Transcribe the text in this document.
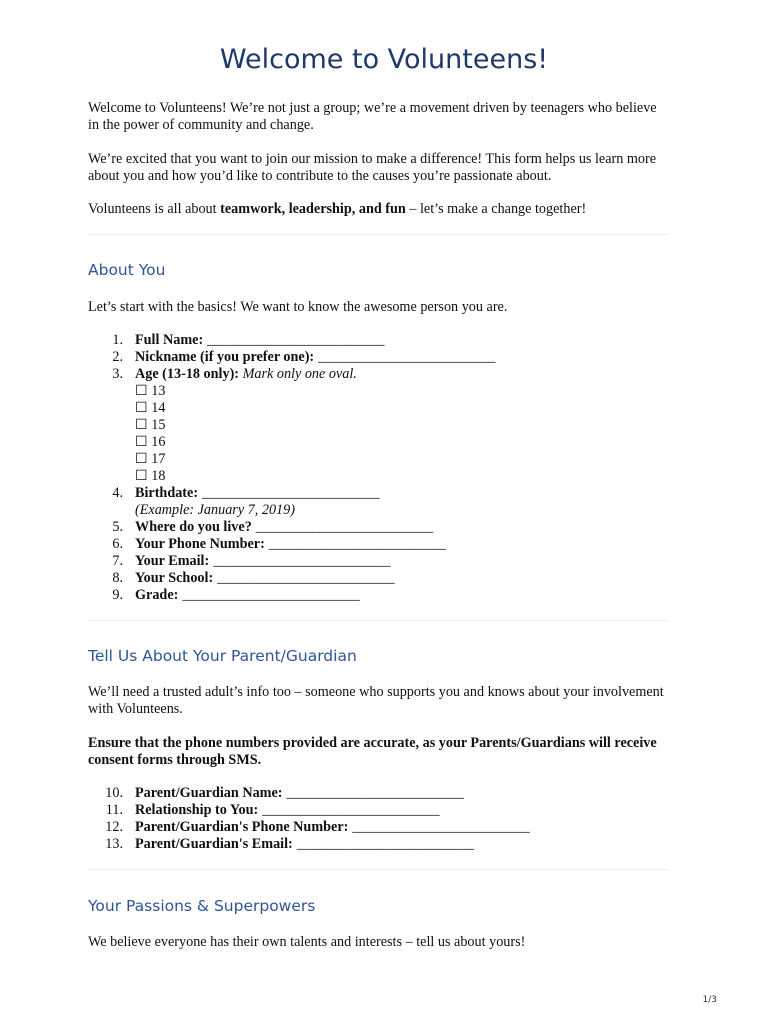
Welcome to Volunteens!

Welcome to Volunteens! We’re not just a group; we’re a movement driven by teenagers who believe in the power of community and change.

We’re excited that you want to join our mission to make a difference! This form helps us learn more about you and how you’d like to contribute to the causes you’re passionate about.

Volunteens is all about teamwork, leadership, and fun – let’s make a change together!

About You

Let’s start with the basics! We want to know the awesome person you are.

1. Full Name: _________________________
2. Nickname (if you prefer one): _________________________
3. Age (13-18 only): Mark only one oval.
☐ 13
☐ 14
☐ 15
☐ 16
☐ 17
☐ 18
4. Birthdate: _________________________
(Example: January 7, 2019)
5. Where do you live? _________________________
6. Your Phone Number: _________________________
7. Your Email: _________________________
8. Your School: _________________________
9. Grade: _________________________
Tell Us About Your Parent/Guardian

We’ll need a trusted adult’s info too – someone who supports you and knows about your involvement with Volunteens.

Ensure that the phone numbers provided are accurate, as your Parents/Guardians will receive consent forms through SMS.

10. Parent/Guardian Name: _________________________
11. Relationship to You: _________________________
12. Parent/Guardian's Phone Number: _________________________
13. Parent/Guardian's Email: _________________________
Your Passions & Superpowers

We believe everyone has their own talents and interests – tell us about yours!

1/3
